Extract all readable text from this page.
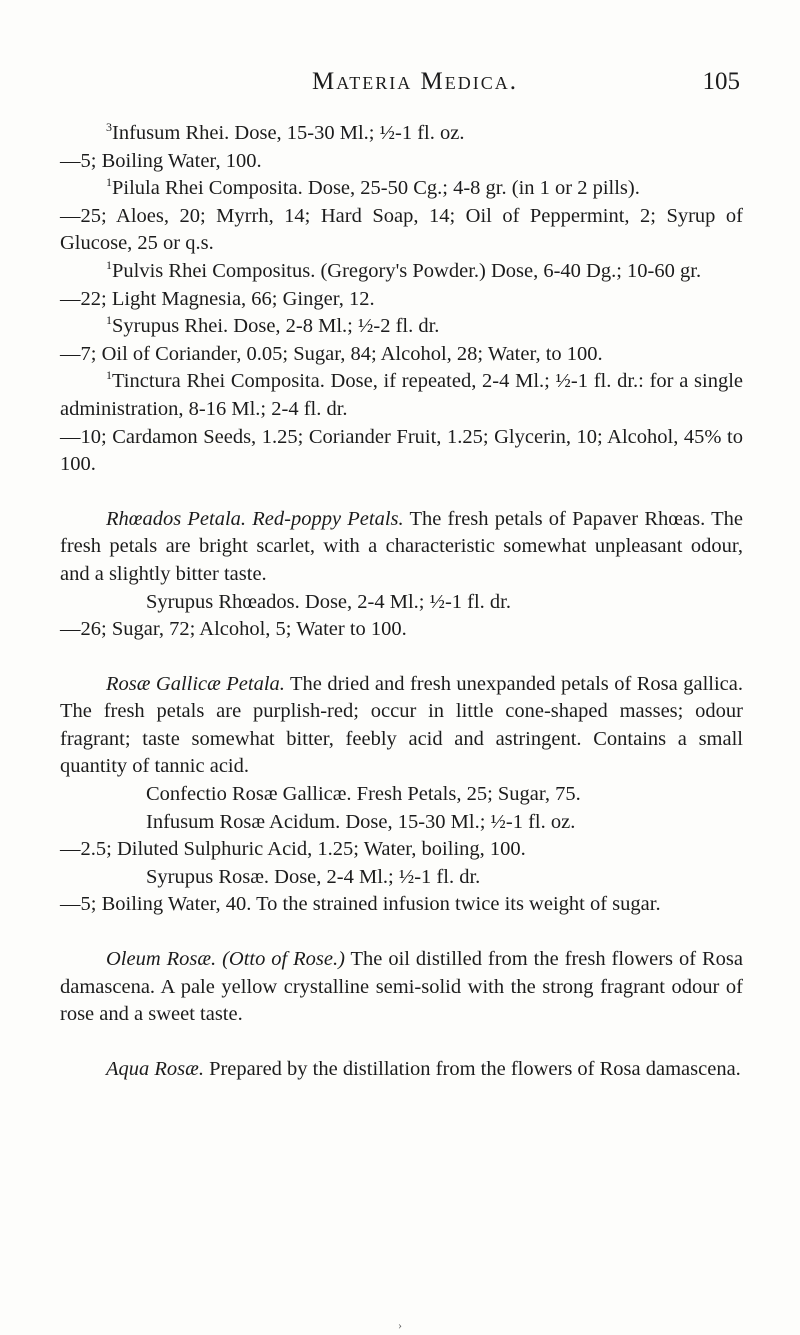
Materia Medica.	105

$^3$Infusum Rhei. Dose, 15-30 Ml.; ½-1 fl. oz.

—5; Boiling Water, 100.

$^1$Pilula Rhei Composita. Dose, 25-50 Cg.; 4-8 gr. (in 1 or 2 pills).

—25; Aloes, 20; Myrrh, 14; Hard Soap, 14; Oil of Peppermint, 2; Syrup of Glucose, 25 or q.s.

$^1$Pulvis Rhei Compositus. (Gregory's Powder.) Dose, 6-40 Dg.; 10-60 gr.

—22; Light Magnesia, 66; Ginger, 12.

$^1$Syrupus Rhei. Dose, 2-8 Ml.; ½-2 fl. dr.

—7; Oil of Coriander, 0.05; Sugar, 84; Alcohol, 28; Water, to 100.

$^1$Tinctura Rhei Composita. Dose, if repeated, 2-4 Ml.; ½-1 fl. dr.: for a single administration, 8-16 Ml.; 2-4 fl. dr.

—10; Cardamon Seeds, 1.25; Coriander Fruit, 1.25; Glycerin, 10; Alcohol, 45% to 100.

Rhœados Petala. Red-poppy Petals. The fresh petals of Papaver Rhœas. The fresh petals are bright scarlet, with a characteristic somewhat unpleasant odour, and a slightly bitter taste.

Syrupus Rhœados. Dose, 2-4 Ml.; ½-1 fl. dr.

—26; Sugar, 72; Alcohol, 5; Water to 100.

Rosæ Gallicæ Petala. The dried and fresh unexpanded petals of Rosa gallica. The fresh petals are purplish-red; occur in little cone-shaped masses; odour fragrant; taste somewhat bitter, feebly acid and astringent. Contains a small quantity of tannic acid.

Confectio Rosæ Gallicæ. Fresh Petals, 25; Sugar, 75.

Infusum Rosæ Acidum. Dose, 15-30 Ml.; ½-1 fl. oz.

—2.5; Diluted Sulphuric Acid, 1.25; Water, boiling, 100.

Syrupus Rosæ. Dose, 2-4 Ml.; ½-1 fl. dr.

—5; Boiling Water, 40. To the strained infusion twice its weight of sugar.

Oleum Rosæ. (Otto of Rose.) The oil distilled from the fresh flowers of Rosa damascena. A pale yellow crystalline semi-solid with the strong fragrant odour of rose and a sweet taste.

Aqua Rosæ. Prepared by the distillation from the flowers of Rosa damascena.

›
